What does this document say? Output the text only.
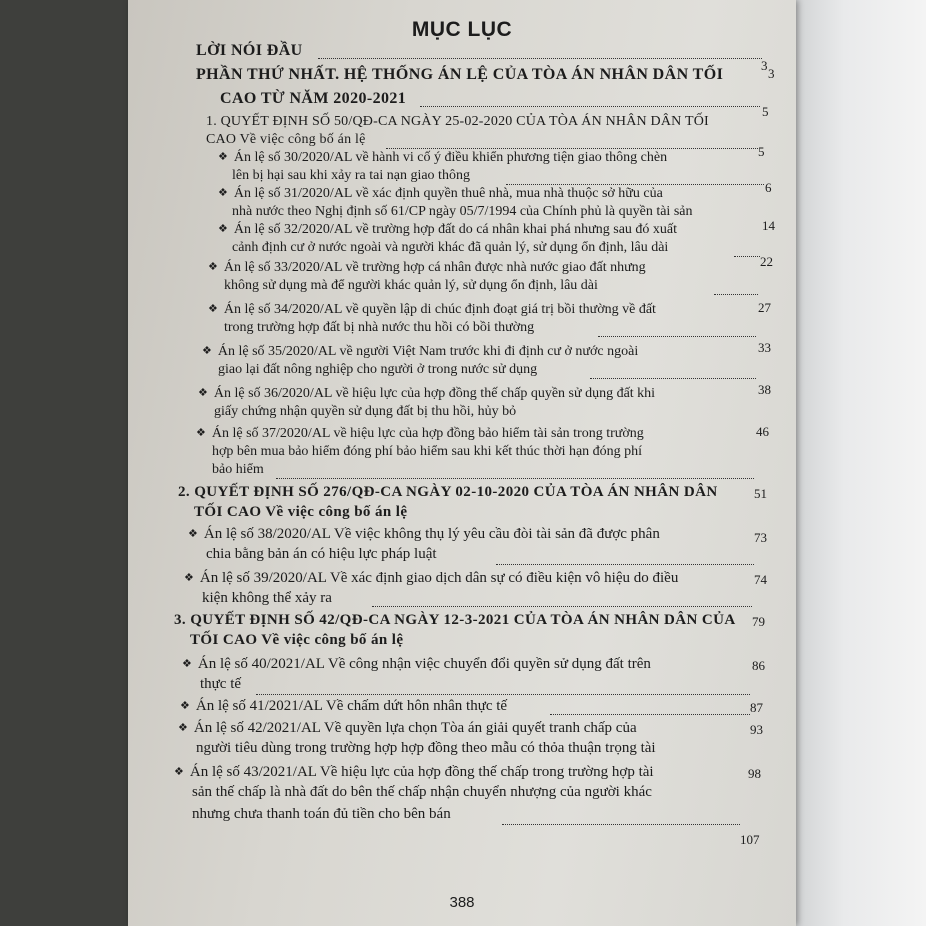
MỤC LỤC
LỜI NÓI ĐẦU
3
PHẦN THỨ NHẤT. HỆ THỐNG ÁN LỆ CỦA TÒA ÁN NHÂN DÂN TỐI	3
CAO TỪ NĂM 2020-2021
5
1. QUYẾT ĐỊNH SỐ 50/QĐ-CA NGÀY 25-02-2020 CỦA TÒA ÁN NHÂN DÂN TỐI
CAO Về việc công bố án lệ
5
❖ Án lệ số 30/2020/AL về hành vi cố ý điều khiển phương tiện giao thông chèn
lên bị hại sau khi xảy ra tai nạn giao thông
6
❖ Án lệ số 31/2020/AL về xác định quyền thuê nhà, mua nhà thuộc sở hữu của
nhà nước theo Nghị định số 61/CP ngày 05/7/1994 của Chính phủ là quyền tài sản
14
❖ Án lệ số 32/2020/AL về trường hợp đất do cá nhân khai phá nhưng sau đó xuất
cảnh định cư ở nước ngoài và người khác đã quản lý, sử dụng ổn định, lâu dài
22
❖ Án lệ số 33/2020/AL về trường hợp cá nhân được nhà nước giao đất nhưng
không sử dụng mà để người khác quản lý, sử dụng ổn định, lâu dài
27
❖ Án lệ số 34/2020/AL về quyền lập di chúc định đoạt giá trị bồi thường về đất
trong trường hợp đất bị nhà nước thu hồi có bồi thường
33
❖ Án lệ số 35/2020/AL về người Việt Nam trước khi đi định cư ở nước ngoài
giao lại đất nông nghiệp cho người ở trong nước sử dụng
38
❖ Án lệ số 36/2020/AL về hiệu lực của hợp đồng thế chấp quyền sử dụng đất khi
giấy chứng nhận quyền sử dụng đất bị thu hồi, hủy bỏ
46
❖ Án lệ số 37/2020/AL về hiệu lực của hợp đồng bảo hiểm tài sản trong trường
hợp bên mua bảo hiểm đóng phí bảo hiểm sau khi kết thúc thời hạn đóng phí
bảo hiểm
51
2. QUYẾT ĐỊNH SỐ 276/QĐ-CA NGÀY 02-10-2020 CỦA TÒA ÁN NHÂN DÂN
TỐI CAO Về việc công bố án lệ
73
❖ Án lệ số 38/2020/AL Về việc không thụ lý yêu cầu đòi tài sản đã được phân
chia bằng bản án có hiệu lực pháp luật
74
❖ Án lệ số 39/2020/AL Về xác định giao dịch dân sự có điều kiện vô hiệu do điều
kiện không thể xảy ra
79
3. QUYẾT ĐỊNH SỐ 42/QĐ-CA NGÀY 12-3-2021 CỦA TÒA ÁN NHÂN DÂN CỦA
TỐI CAO Về việc công bố án lệ
86
❖ Án lệ số 40/2021/AL Về công nhận việc chuyển đổi quyền sử dụng đất trên
thực tế
87
❖ Án lệ số 41/2021/AL Về chấm dứt hôn nhân thực tế
93
❖ Án lệ số 42/2021/AL Về quyền lựa chọn Tòa án giải quyết tranh chấp của
người tiêu dùng trong trường hợp hợp đồng theo mẫu có thỏa thuận trọng tài
98
❖ Án lệ số 43/2021/AL Về hiệu lực của hợp đồng thế chấp trong trường hợp tài
sản thế chấp là nhà đất do bên thế chấp nhận chuyển nhượng của người khác
nhưng chưa thanh toán đủ tiền cho bên bán
107
388
